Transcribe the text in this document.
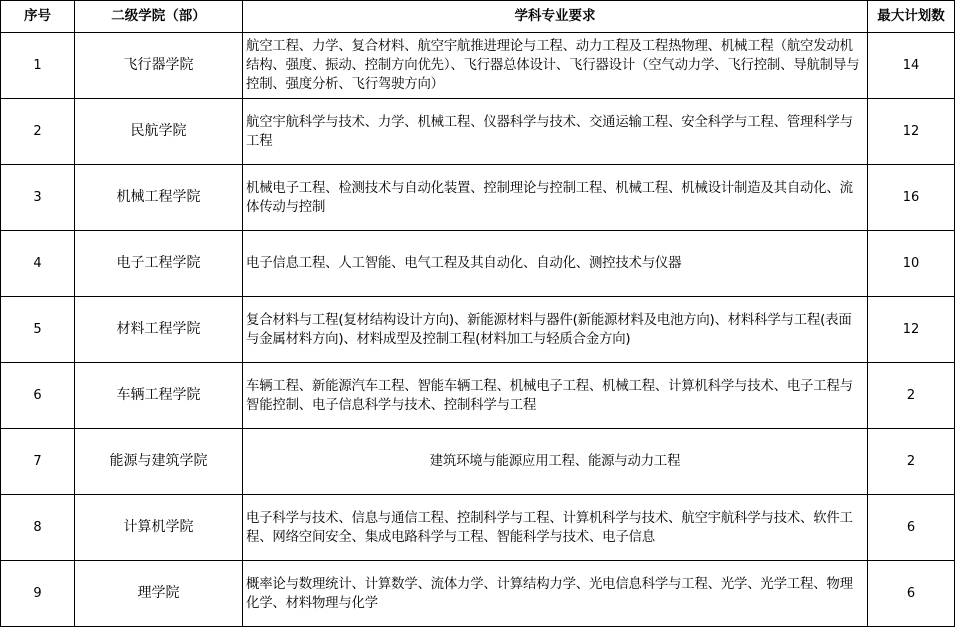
序号	二级学院（部）	学科专业要求	最大计划数
1	飞行器学院	航空工程、力学、复合材料、航空宇航推进理论与工程、动力工程及工程热物理、机械工程（航空发动机结构、强度、振动、控制方向优先）、飞行器总体设计、飞行器设计（空气动力学、飞行控制、导航制导与控制、强度分析、飞行驾驶方向）	14
2	民航学院	航空宇航科学与技术、力学、机械工程、仪器科学与技术、交通运输工程、安全科学与工程、管理科学与工程	12
3	机械工程学院	机械电子工程、检测技术与自动化装置、控制理论与控制工程、机械工程、机械设计制造及其自动化、流体传动与控制	16
4	电子工程学院	电子信息工程、人工智能、电气工程及其自动化、自动化、测控技术与仪器	10
5	材料工程学院	复合材料与工程(复材结构设计方向)、新能源材料与器件(新能源材料及电池方向)、材料科学与工程(表面与金属材料方向)、材料成型及控制工程(材料加工与轻质合金方向)	12
6	车辆工程学院	车辆工程、新能源汽车工程、智能车辆工程、机械电子工程、机械工程、计算机科学与技术、电子工程与智能控制、电子信息科学与技术、控制科学与工程	2
7	能源与建筑学院	建筑环境与能源应用工程、能源与动力工程	2
8	计算机学院	电子科学与技术、信息与通信工程、控制科学与工程、计算机科学与技术、航空宇航科学与技术、软件工程、网络空间安全、集成电路科学与工程、智能科学与技术、电子信息	6
9	理学院	概率论与数理统计、计算数学、流体力学、计算结构力学、光电信息科学与工程、光学、光学工程、物理化学、材料物理与化学	6
